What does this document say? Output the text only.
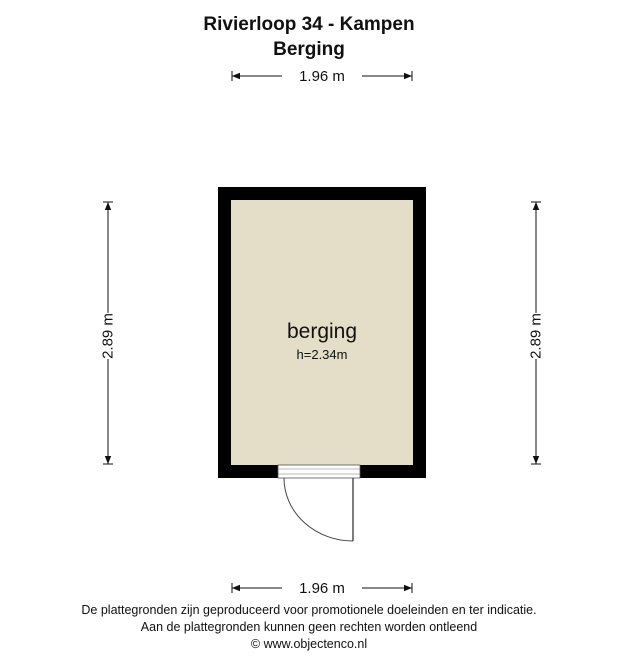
Rivierloop 34 - Kampen
Berging
1.96 m
1.96 m
2.89 m	2.89 m
berging
h=2.34m
De plattegronden zijn geproduceerd voor promotionele doeleinden en ter indicatie.
Aan de plattegronden kunnen geen rechten worden ontleend
© www.objectenco.nl
